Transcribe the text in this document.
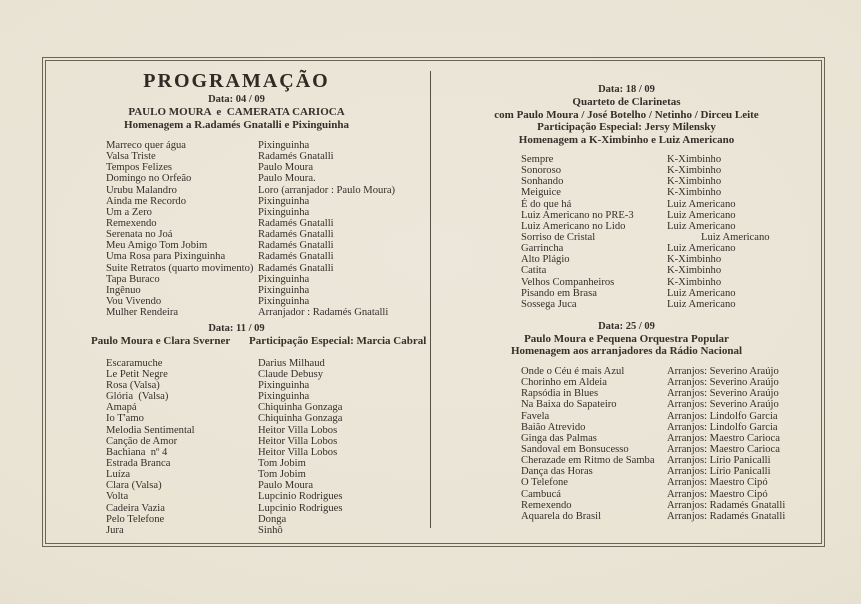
PROGRAMAÇÃO
Data: 04 / 09
PAULO MOURA  e  CAMERATA CARIOCA
Homenagem a R.adamés Gnatalli e Pixinguinha
Marreco quer água	Pixinguinha
Valsa Triste	Radamés Gnatalli
Tempos Felizes	Paulo Moura
Domingo no Orfeão	Paulo Moura.
Urubu Malandro	Loro (arranjador : Paulo Moura)
Ainda me Recordo	Pixinguinha
Um a Zero	Pixinguinha
Remexendo	Radamés Gnatalli
Serenata no Joá	Radamés Gnatalli
Meu Amigo Tom Jobim	Radamés Gnatalli
Uma Rosa para Pixinguinha	Radamés Gnatalli
Suite Retratos (quarto movimento) Radamés Gnatalli
Tapa Buraco	Pixinguinha
Ingênuo	Pixinguinha
Vou Vivendo	Pixinguinha
Mulher Rendeira	Arranjador : Radamés Gnatalli
Data: 11 / 09
Paulo Moura e Clara Sverner	Participação Especial: Marcia Cabral
Escaramuche	Darius Milhaud
Le Petit Negre	Claude Debusy
Rosa (Valsa)	Pixinguinha
Glória  (Valsa)	Pixinguinha
Amapá	Chiquinha Gonzaga
Io T'amo	Chiquinha Gonzaga
Melodia Sentimental	Heitor Villa Lobos
Canção de Amor	Heitor Villa Lobos
Bachiana  nº 4	Heitor Villa Lobos
Estrada Branca	Tom Jobim
Luíza	Tom Jobim
Clara (Valsa)	Paulo Moura
Volta	Lupcinio Rodrigues
Cadeira Vazia	Lupcinio Rodrigues
Pelo Telefone	Donga
Jura	Sinhô
Data: 18 / 09
Quarteto de Clarinetas
com Paulo Moura / José Botelho / Netinho / Dirceu Leite
Participação Especial: Jersy Milensky
Homenagem a K-Ximbinho e Luiz Americano
Sempre	K-Ximbinho
Sonoroso	K-Ximbinho
Sonhando	K-Ximbinho
Meiguice	K-Ximbinho
É do que há	Luiz Americano
Luiz Americano no PRE-3	Luiz Americano
Luiz Americano no Lido	Luiz Americano
Sorriso de Cristal	Luiz Americano
Garrincha	Luiz Americano
Alto Plágio	K-Ximbinho
Catita	K-Ximbinho
Velhos Companheiros	K-Ximbinho
Pisando em Brasa	Luiz Americano
Sossega Juca	Luiz Americano
Data: 25 / 09
Paulo Moura e Pequena Orquestra Popular
Homenagem aos arranjadores da Rádio Nacional
Onde o Céu é mais Azul	Arranjos: Severino Araújo
Chorinho em Aldeia	Arranjos: Severino Araújo
Rapsódia in Blues	Arranjos: Severino Araújo
Na Baixa do Sapateiro	Arranjos: Severino Araújo
Favela	Arranjos: Lindolfo Garcia
Baião Atrevido	Arranjos: Lindolfo Garcia
Ginga das Palmas	Arranjos: Maestro Carioca
Sandoval em Bonsucesso	Arranjos: Maestro Carioca
Cherazade em Ritmo de Samba	Arranjos: Lírio Panicalli
Dança das Horas	Arranjos: Lírio Panicalli
O Telefone	Arranjos: Maestro Cipó
Cambucá	Arranjos: Maestro Cipó
Remexendo	Arranjos: Radamés Gnatalli
Aquarela do Brasil	Arranjos: Radamés Gnatalli
